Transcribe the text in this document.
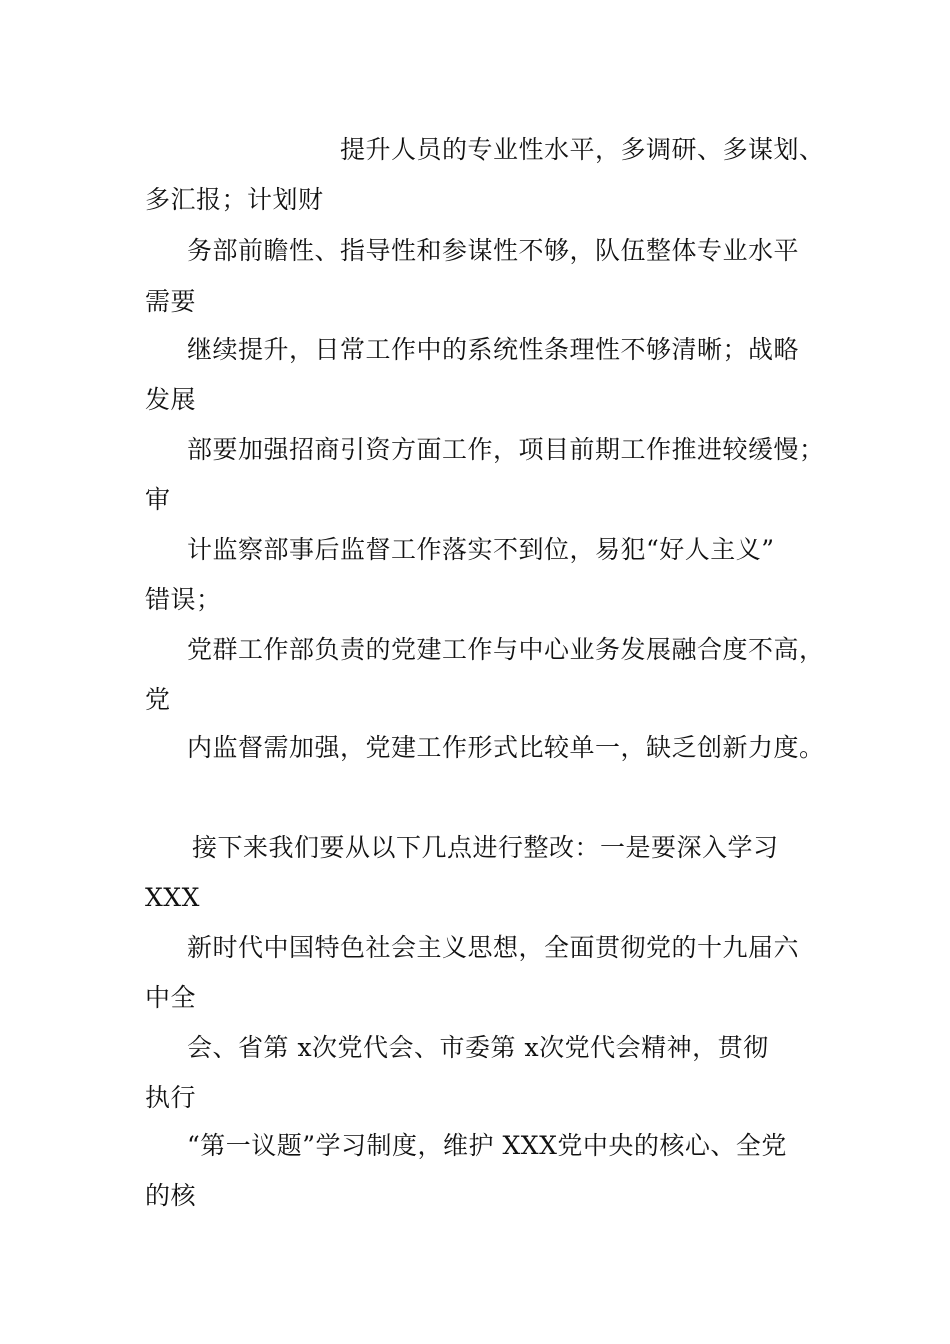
提升人员的专业性水平，多调研、多谋划、
多汇报；计划财
务部前瞻性、指导性和参谋性不够，队伍整体专业水平
需要
继续提升，日常工作中的系统性条理性不够清晰；战略
发展
部要加强招商引资方面工作，项目前期工作推进较缓慢；
审
计监察部事后监督工作落实不到位，易犯“好人主义”
错误；
党群工作部负责的党建工作与中心业务发展融合度不高，
党
内监督需加强，党建工作形式比较单一，缺乏创新力度。
接下来我们要从以下几点进行整改：一是要深入学习
XXX
新时代中国特色社会主义思想，全面贯彻党的十九届六
中全
会、省第 x次党代会、市委第 x次党代会精神，贯彻
执行
“第一议题”学习制度，维护 XXX党中央的核心、全党
的核
